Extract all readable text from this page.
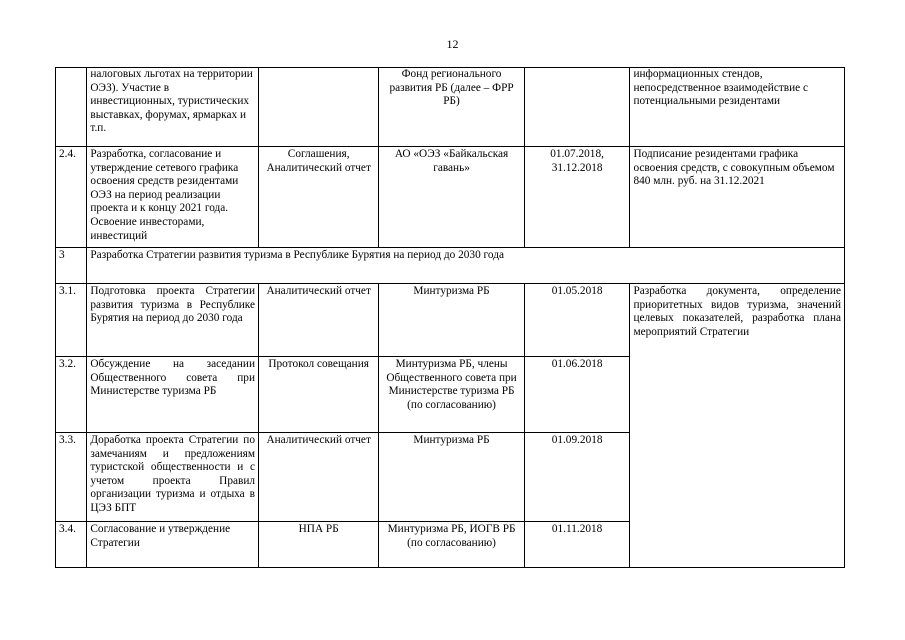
12
	налоговых льготах на территории ОЭЗ). Участие в инвестиционных, туристических выставках, форумах, ярмарках и т.п.		Фонд регионального развития РБ (далее – ФРР РБ)		информационных стендов, непосредственное взаимодействие с потенциальными резидентами
2.4.	Разработка, согласование и утверждение сетевого графика освоения средств резидентами ОЭЗ на период реализации проекта и к концу 2021 года. Освоение инвесторами, инвестиций	Соглашения, Аналитический отчет	АО «ОЭЗ «Байкальская гавань»	01.07.2018, 31.12.2018	Подписание резидентами графика освоения средств, с совокупным объемом 840 млн. руб. на 31.12.2021
3	Разработка Стратегии развития туризма в Республике Бурятия на период до 2030 года				
3.1.	Подготовка проекта Стратегии развития туризма в Республике Бурятия на период до 2030 года	Аналитический отчет	Минтуризма РБ	01.05.2018	Разработка документа, определение приоритетных видов туризма, значений целевых показателей, разработка плана мероприятий Стратегии
3.2.	Обсуждение на заседании Общественного совета при Министерстве туризма РБ	Протокол совещания	Минтуризма РБ, члены Общественного совета при Министерстве туризма РБ (по согласованию)	01.06.2018	
3.3.	Доработка проекта Стратегии по замечаниям и предложениям туристской общественности и с учетом проекта Правил организации туризма и отдыха в ЦЭЗ БПТ	Аналитический отчет	Минтуризма РБ	01.09.2018	
3.4.	Согласование и утверждение Стратегии	НПА РБ	Минтуризма РБ, ИОГВ РБ (по согласованию)	01.11.2018	
